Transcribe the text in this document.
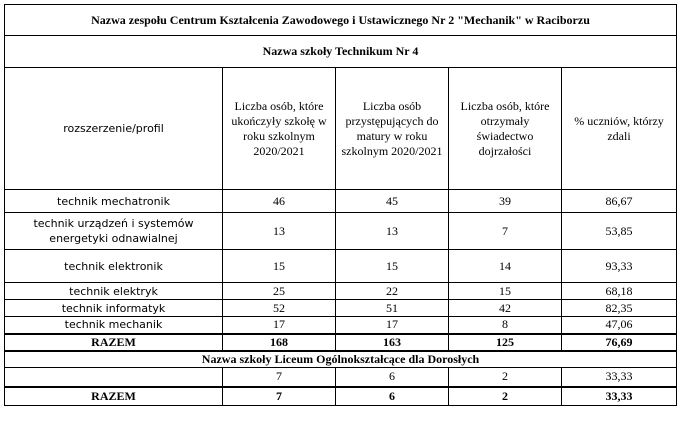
Nazwa zespołu Centrum Kształcenia Zawodowego i Ustawicznego Nr 2 "Mechanik" w Raciborzu				
Nazwa szkoły Technikum Nr 4				
rozszerzenie/profil	Liczba osób, które ukończyły szkołę w roku szkolnym 2020/2021	Liczba osób przystępujących do matury w roku szkolnym 2020/2021	Liczba osób, które otrzymały świadectwo dojrzałości	% uczniów, którzy zdali
technik mechatronik	46	45	39	86,67
technik urządzeń i systemów energetyki odnawialnej	13	13	7	53,85
technik elektronik	15	15	14	93,33
technik elektryk	25	22	15	68,18
technik informatyk	52	51	42	82,35
technik mechanik	17	17	8	47,06
RAZEM	168	163	125	76,69
Nazwa szkoły Liceum Ogólnokształcące dla Dorosłych				
	7	6	2	33,33
RAZEM	7	6	2	33,33
